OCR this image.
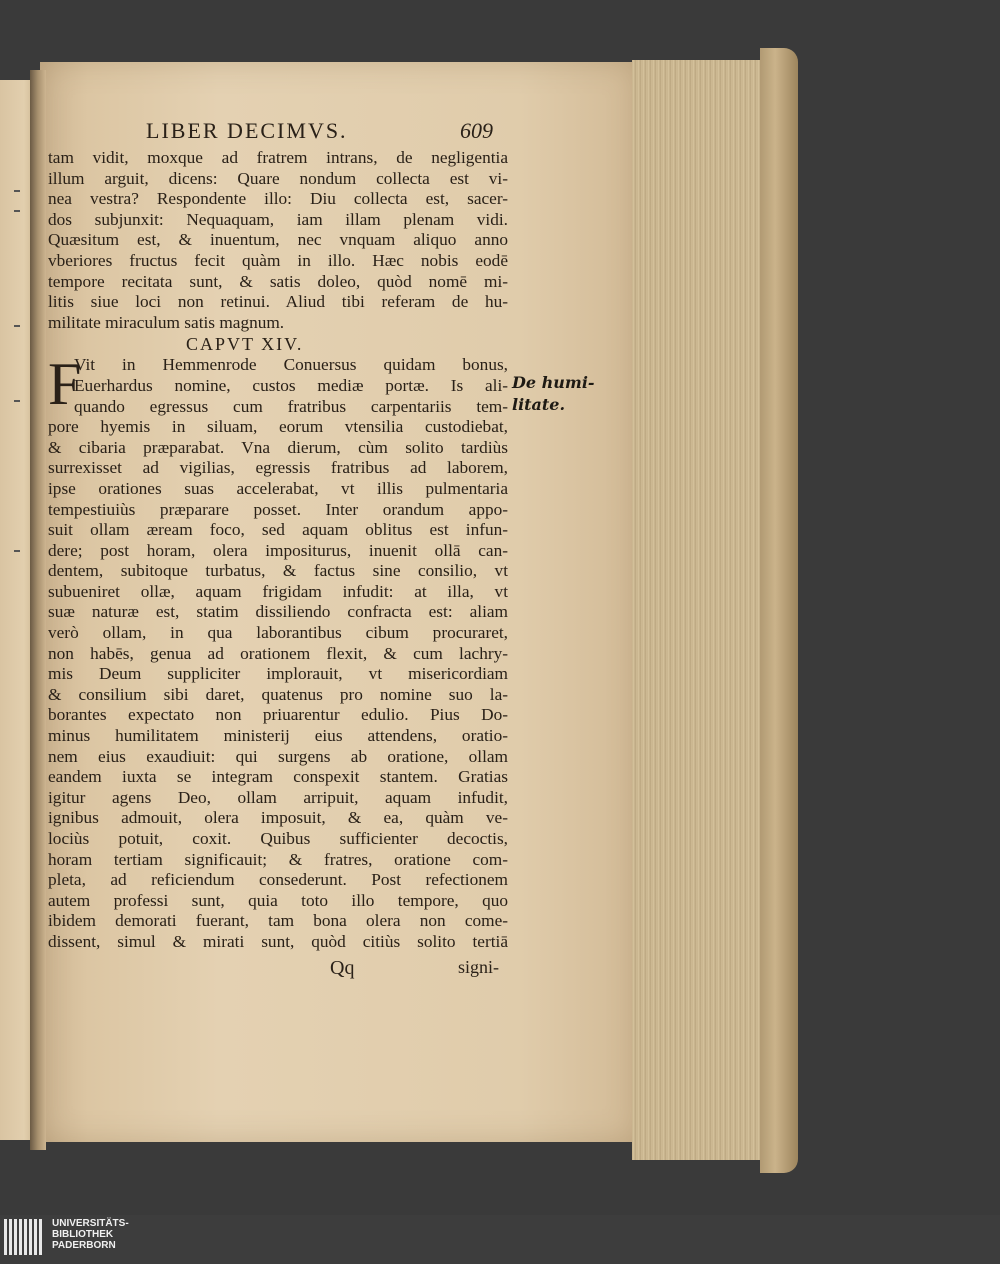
LIBER DECIMVS.	609
tam vidit, moxque ad fratrem intrans, de negligentia
illum arguit, dicens: Quare nondum collecta est vi-
nea vestra? Respondente illo: Diu collecta est, sacer-
dos subjunxit: Nequaquam, iam illam plenam vidi.
Quæsitum est, & inuentum, nec vnquam aliquo anno
vberiores fructus fecit quàm in illo. Hæc nobis eodē
tempore recitata sunt, & satis doleo, quòd nomē mi-
litis siue loci non retinui. Aliud tibi referam de hu-
militate miraculum satis magnum.
CAPVT XIV.
F
Vit in Hemmenrode Conuersus quidam bonus,
Euerhardus nomine, custos mediæ portæ. Is ali-
quando egressus cum fratribus carpentariis tem-
pore hyemis in siluam, eorum vtensilia custodiebat,
& cibaria præparabat. Vna dierum, cùm solito tardiùs
surrexisset ad vigilias, egressis fratribus ad laborem,
ipse orationes suas accelerabat, vt illis pulmentaria
tempestiuiùs præparare posset. Inter orandum appo-
suit ollam æream foco, sed aquam oblitus est infun-
dere; post horam, olera impositurus, inuenit ollā can-
dentem, subitoque turbatus, & factus sine consilio, vt
subueniret ollæ, aquam frigidam infudit: at illa, vt
suæ naturæ est, statim dissiliendo confracta est: aliam
verò ollam, in qua laborantibus cibum procuraret,
non habēs, genua ad orationem flexit, & cum lachry-
mis Deum suppliciter implorauit, vt misericordiam
& consilium sibi daret, quatenus pro nomine suo la-
borantes expectato non priuarentur edulio. Pius Do-
minus humilitatem ministerij eius attendens, oratio-
nem eius exaudiuit: qui surgens ab oratione, ollam
eandem iuxta se integram conspexit stantem. Gratias
igitur agens Deo, ollam arripuit, aquam infudit,
ignibus admouit, olera imposuit, & ea, quàm ve-
lociùs potuit, coxit. Quibus sufficienter decoctis,
horam tertiam significauit; & fratres, oratione com-
pleta, ad reficiendum consederunt. Post refectionem
autem professi sunt, quia toto illo tempore, quo
ibidem demorati fuerant, tam bona olera non come-
dissent, simul & mirati sunt, quòd citiùs solito tertiā
Qq	signi-
De humi-
litate.
UNIVERSITÄTS-
BIBLIOTHEK
PADERBORN
